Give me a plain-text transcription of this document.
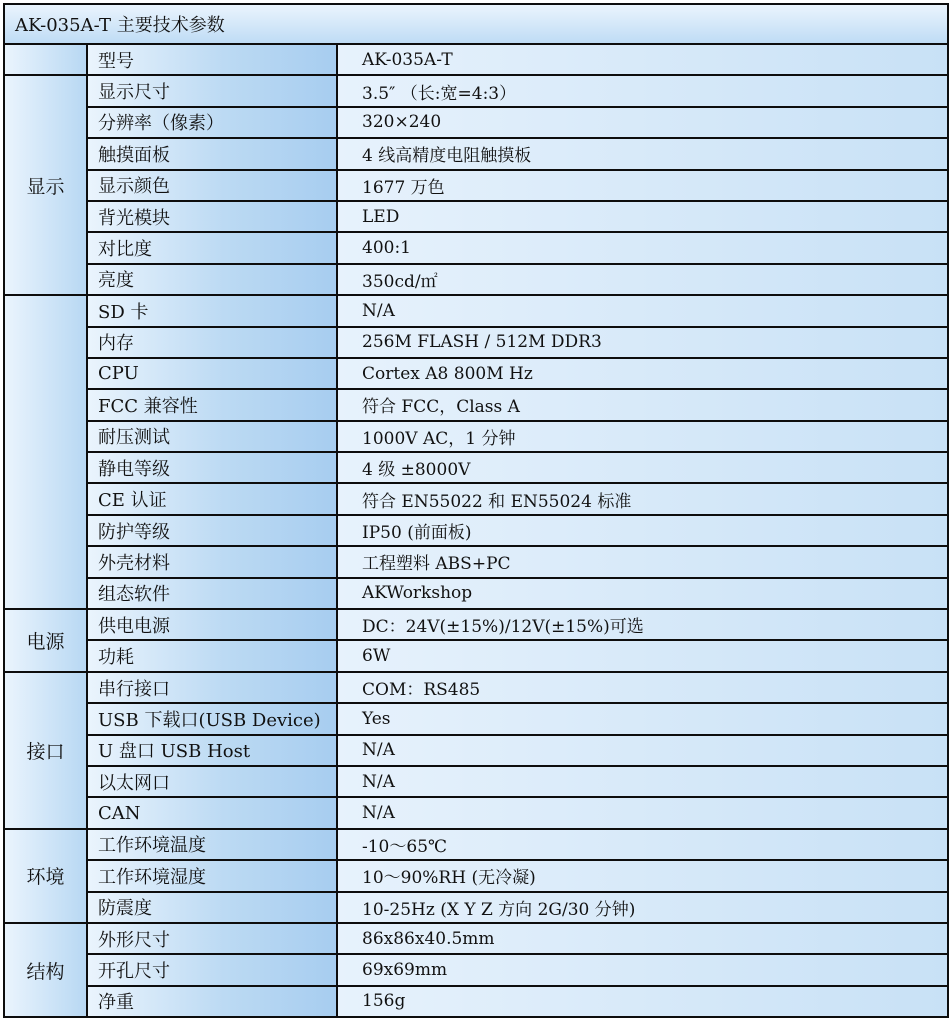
AK-035A-T 主要技术参数		
	型号	AK-035A-T
显示	显示尺寸	3.5″ （长:宽=4:3）
	分辨率（像素）	320×240
	触摸面板	4 线高精度电阻触摸板
	显示颜色	1677 万色
	背光模块	LED
	对比度	400:1
	亮度	350cd/㎡
	SD 卡	N/A
	内存	256M FLASH / 512M DDR3
	CPU	Cortex A8 800M Hz
	FCC 兼容性	符合 FCC，Class A
	耐压测试	1000V AC，1 分钟
	静电等级	4 级 ±8000V
	CE 认证	符合 EN55022 和 EN55024 标准
	防护等级	IP50 (前面板)
	外壳材料	工程塑料 ABS+PC
	组态软件	AKWorkshop
电源	供电电源	DC：24V(±15%)/12V(±15%)可选
	功耗	6W
接口	串行接口	COM：RS485
	USB 下载口(USB Device)	Yes
	U 盘口 USB Host	N/A
	以太网口	N/A
	CAN	N/A
环境	工作环境温度	-10～65℃
	工作环境湿度	10～90%RH (无冷凝)
	防震度	10-25Hz (X Y Z 方向 2G/30 分钟)
结构	外形尺寸	86x86x40.5mm
	开孔尺寸	69x69mm
	净重	156g
